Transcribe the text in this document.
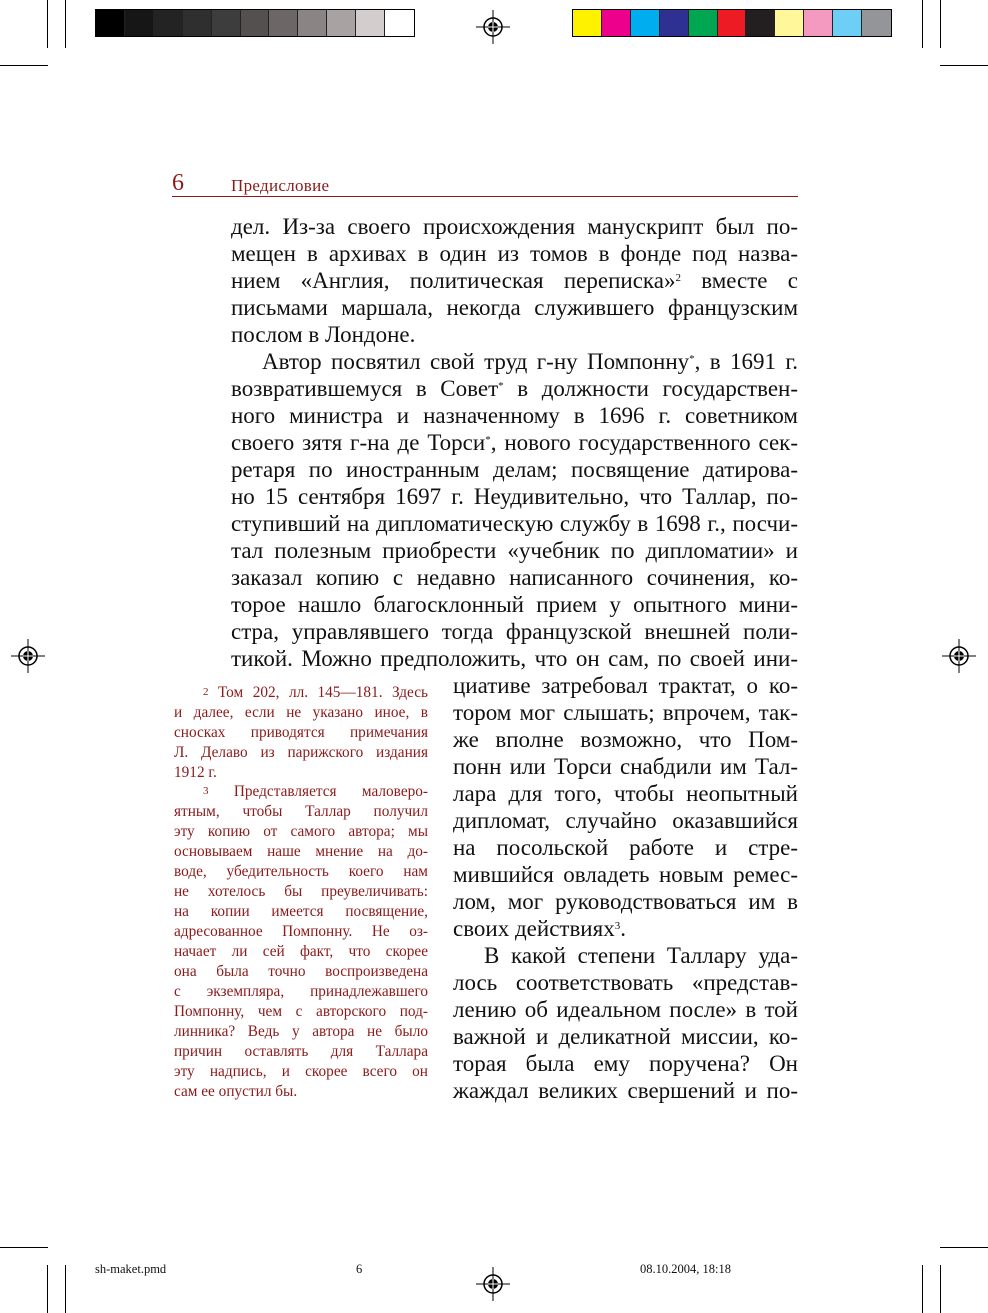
6	Предисловие
дел. Из-за своего происхождения манускрипт был по-
мещен в архивах в один из томов в фонде под назва-
нием «Англия, политическая переписка»$^2$ вместе с
письмами маршала, некогда служившего французским
послом в Лондоне.
Автор посвятил свой труд г-ну Помпонну*, в 1691 г.
возвратившемуся в Совет* в должности государствен-
ного министра и назначенному в 1696 г. советником
своего зятя г-на де Торси*, нового государственного сек-
ретаря по иностранным делам; посвящение датирова-
но 15 сентября 1697 г. Неудивительно, что Таллар, по-
ступивший на дипломатическую службу в 1698 г., посчи-
тал полезным приобрести «учебник по дипломатии» и
заказал копию с недавно написанного сочинения, ко-
торое нашло благосклонный прием у опытного мини-
стра, управлявшего тогда французской внешней поли-
тикой. Можно предположить, что он сам, по своей ини-
циативе затребовал трактат, о ко-
тором мог слышать; впрочем, так-
же вполне возможно, что Пом-
понн или Торси снабдили им Тал-
лара для того, чтобы неопытный
дипломат, случайно оказавшийся
на посольской работе и стре-
мившийся овладеть новым ремес-
лом, мог руководствоваться им в
своих действиях$^3$.
В какой степени Таллару уда-
лось соответствовать «представ-
лению об идеальном после» в той
важной и деликатной миссии, ко-
торая была ему поручена? Он
жаждал великих свершений и по-
$^2$ Том 202, лл. 145—181. Здесь
и далее, если не указано иное, в
сносках приводятся примечания
Л. Делаво из парижского издания
1912 г.
$^3$ Представляется маловеро-
ятным, чтобы Таллар получил
эту копию от самого автора; мы
основываем наше мнение на до-
воде, убедительность коего нам
не хотелось бы преувеличивать:
на копии имеется посвящение,
адресованное Помпонну. Не оз-
начает ли сей факт, что скорее
она была точно воспроизведена
с экземпляра, принадлежавшего
Помпонну, чем с авторского под-
линника? Ведь у автора не было
причин оставлять для Таллара
эту надпись, и скорее всего он
сам ее опустил бы.
sh-maket.pmd	6	08.10.2004, 18:18
